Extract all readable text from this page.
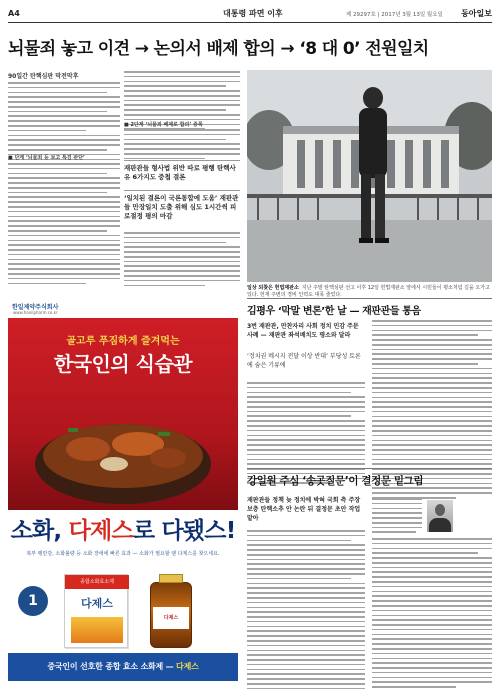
A4	대통령 파면 이후	제 29297호 | 2017년 3월 13일 월요일 동아일보
뇌물죄 놓고 이견 → 논의서 배제 합의 → ‘8 대 0’ 전원일치
90일간 탄핵심판 막전막후
■ 단계 ‘뇌물죄 등 보고 특검 판단’
■ 2단계 ‘뇌물죄 배제로 합의’ 증폭
재판관들 형사법 위반 따로 평행 탄핵사유 6가지도 중첩 결론
‘일치된 결론이 국론통합에 도움’ 재판관들 만장일치 도출 위해 심도 1시간씩 피로절정 평의 마감
일상 되찾은 헌법재판소 지난 주말 탄핵심판 선고 이후 12일 헌법재판소 앞에서 시민들이 평소처럼 길을 오가고 있다. 헌재 주변의 경비 인력도 대폭 줄었다.
한일제약주식회사
www.hanilpharm.co.kr
골고루 푸짐하게 즐겨먹는
한국인의 식습관
소화, 다제스로 다됐스!
복부 팽만감, 소화불량 등 소화 장애에 빠른 효과 — 소화가 필요할 땐 다제스를 찾으세요.
1
종합소화효소제
다제스
다제스
중국인이 선호한 종합 효소 소화제 — 다제스
김평우 ‘막말 변론’한 날 — 재판관들 통음
3번 재판관, 만찬자리 사회 정치 민감 주문 사례 — 재판관 좌석배치도 평소와 달라
‘정치권 메시지 전달 이상 반대’ 부당성 토론에 숨은 기류에
강일원 주심 ‘송곳질문’이 결정문 밑그림
재판관들 정책 늦 정치에 박혀 국회 측 주장 보충 탄핵소추 안 논란 뒤 결정문 초안 작업 맡아
